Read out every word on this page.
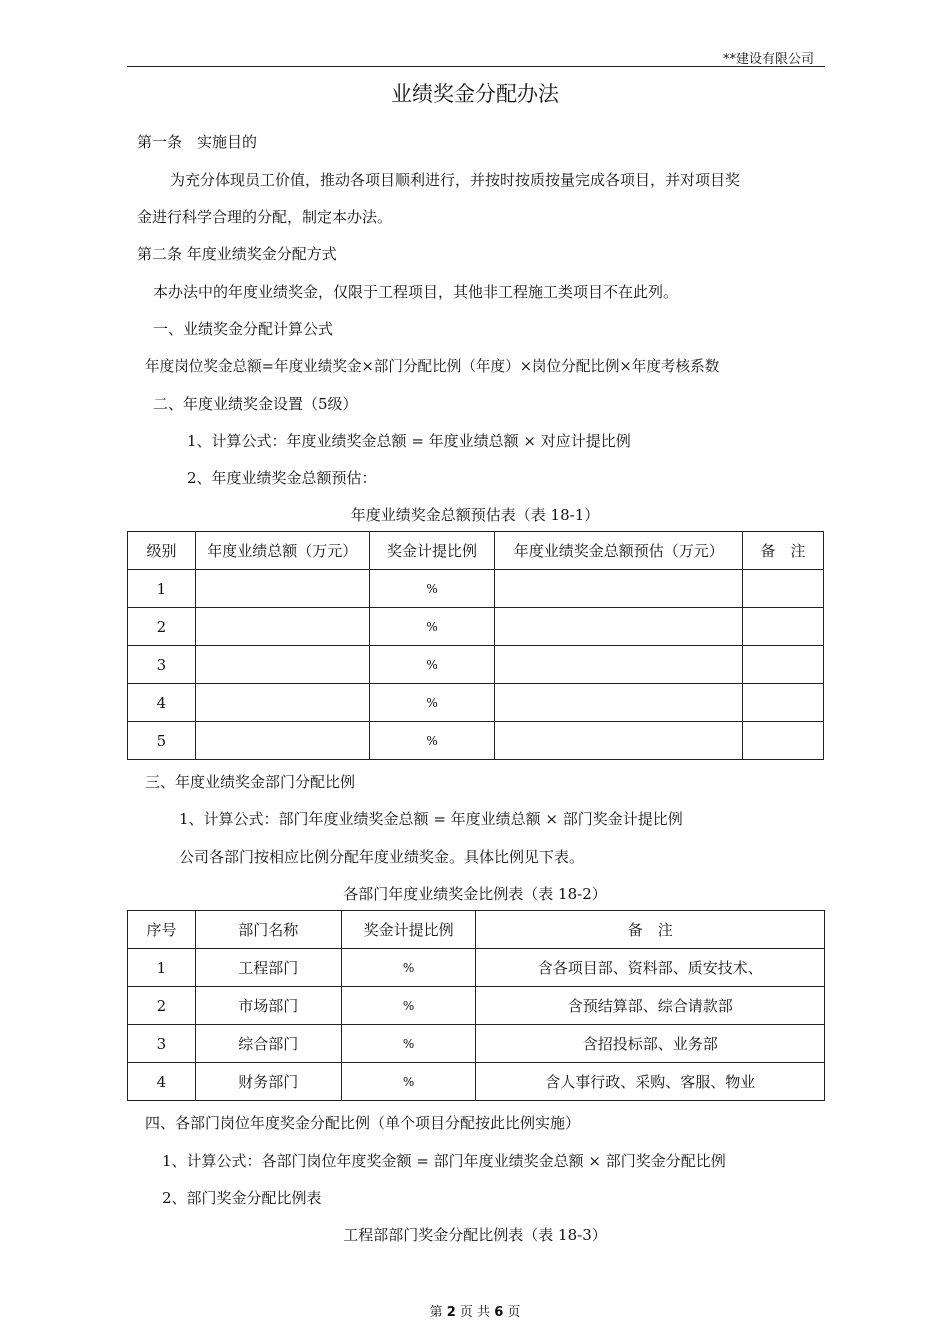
**建设有限公司
业绩奖金分配办法
第一条　实施目的
为充分体现员工价值，推动各项目顺利进行，并按时按质按量完成各项目，并对项目奖
金进行科学合理的分配，制定本办法。
第二条 年度业绩奖金分配方式
本办法中的年度业绩奖金，仅限于工程项目，其他非工程施工类项目不在此列。
一、业绩奖金分配计算公式
年度岗位奖金总额=年度业绩奖金×部门分配比例（年度）×岗位分配比例×年度考核系数
二、年度业绩奖金设置（5级）
1、计算公式：年度业绩奖金总额 = 年度业绩总额 × 对应计提比例
2、年度业绩奖金总额预估：
年度业绩奖金总额预估表（表 18-1）
级别	年度业绩总额（万元）	奖金计提比例	年度业绩奖金总额预估（万元）	备　注
1		%		
2		%		
3		%		
4		%		
5		%		
三、年度业绩奖金部门分配比例
1、计算公式：部门年度业绩奖金总额 = 年度业绩总额 × 部门奖金计提比例
公司各部门按相应比例分配年度业绩奖金。具体比例见下表。
各部门年度业绩奖金比例表（表 18-2）
序号	部门名称	奖金计提比例	备　注
1	工程部门	%	含各项目部、资料部、质安技术、
2	市场部门	%	含预结算部、综合请款部
3	综合部门	%	含招投标部、业务部
4	财务部门	%	含人事行政、采购、客服、物业
四、各部门岗位年度奖金分配比例（单个项目分配按此比例实施）
1、计算公式：各部门岗位年度奖金额 = 部门年度业绩奖金总额 × 部门奖金分配比例
2、部门奖金分配比例表
工程部部门奖金分配比例表（表 18-3）
第 2 页 共 6 页
